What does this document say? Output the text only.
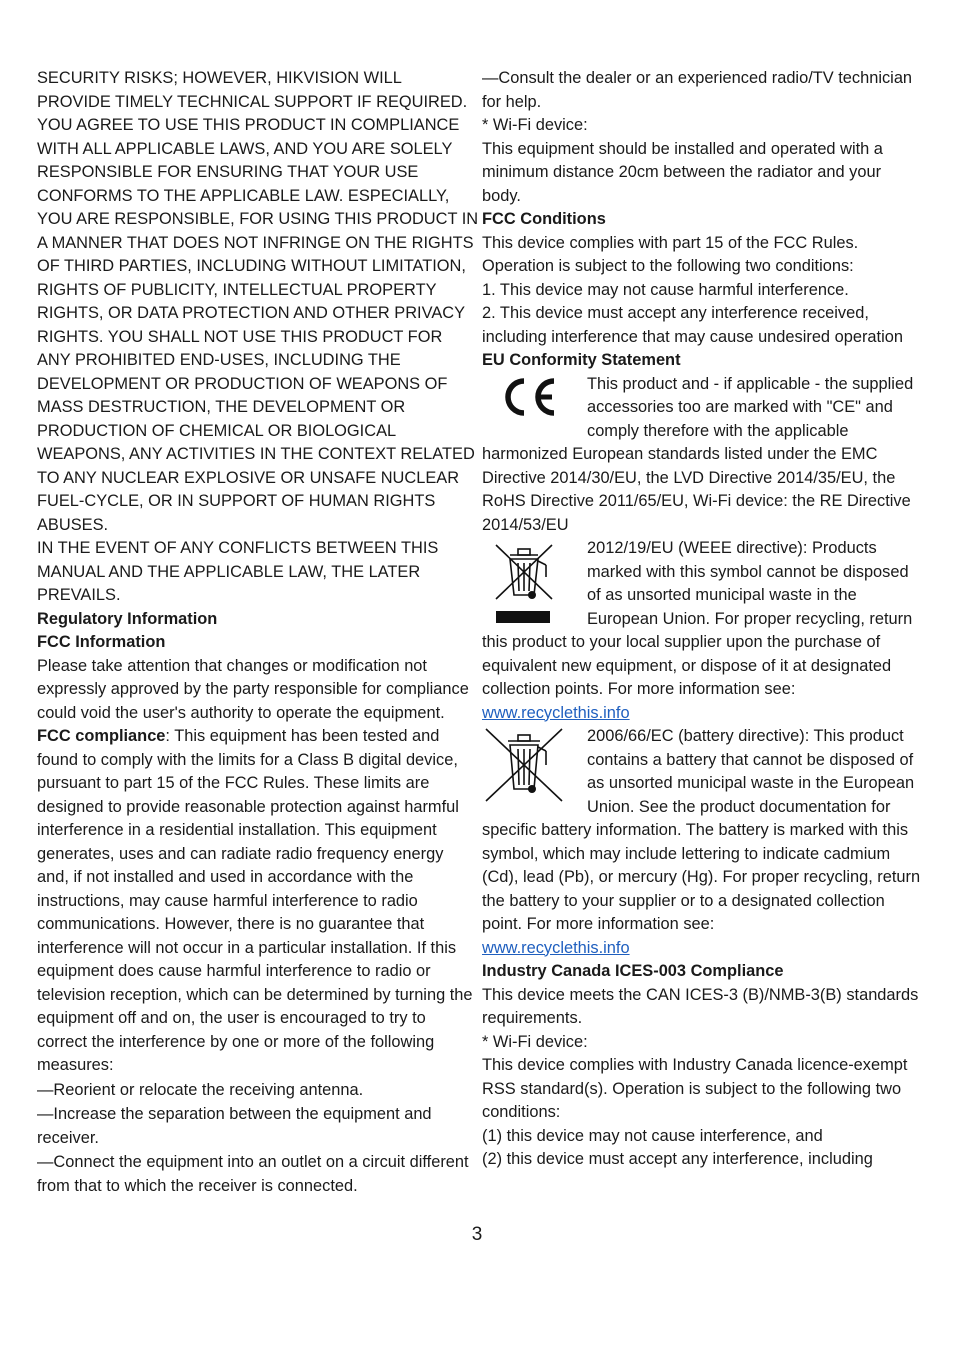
SECURITY RISKS; HOWEVER, HIKVISION WILL PROVIDE TIMELY TECHNICAL SUPPORT IF REQUIRED.

YOU AGREE TO USE THIS PRODUCT IN COMPLIANCE WITH ALL APPLICABLE LAWS, AND YOU ARE SOLELY RESPONSIBLE FOR ENSURING THAT YOUR USE CONFORMS TO THE APPLICABLE LAW. ESPECIALLY, YOU ARE RESPONSIBLE, FOR USING THIS PRODUCT IN A MANNER THAT DOES NOT INFRINGE ON THE RIGHTS OF THIRD PARTIES, INCLUDING WITHOUT LIMITATION, RIGHTS OF PUBLICITY, INTELLECTUAL PROPERTY RIGHTS, OR DATA PROTECTION AND OTHER PRIVACY RIGHTS. YOU SHALL NOT USE THIS PRODUCT FOR ANY PROHIBITED END-USES, INCLUDING THE DEVELOPMENT OR PRODUCTION OF WEAPONS OF MASS DESTRUCTION, THE DEVELOPMENT OR PRODUCTION OF CHEMICAL OR BIOLOGICAL WEAPONS, ANY ACTIVITIES IN THE CONTEXT RELATED TO ANY NUCLEAR EXPLOSIVE OR UNSAFE NUCLEAR FUEL-CYCLE, OR IN SUPPORT OF HUMAN RIGHTS ABUSES.

IN THE EVENT OF ANY CONFLICTS BETWEEN THIS MANUAL AND THE APPLICABLE LAW, THE LATER PREVAILS.

Regulatory Information

FCC Information

Please take attention that changes or modification not expressly approved by the party responsible for compliance could void the user's authority to operate the equipment.

FCC compliance: This equipment has been tested and found to comply with the limits for a Class B digital device, pursuant to part 15 of the FCC Rules. These limits are designed to provide reasonable protection against harmful interference in a residential installation. This equipment generates, uses and can radiate radio frequency energy and, if not installed and used in accordance with the instructions, may cause harmful interference to radio communications. However, there is no guarantee that interference will not occur in a particular installation. If this equipment does cause harmful interference to radio or television reception, which can be determined by turning the equipment off and on, the user is encouraged to try to correct the interference by one or more of the following measures:

—Reorient or relocate the receiving antenna.

—Increase the separation between the equipment and receiver.

—Connect the equipment into an outlet on a circuit different from that to which the receiver is connected.

—Consult the dealer or an experienced radio/TV technician for help.

* Wi-Fi device:

This equipment should be installed and operated with a minimum distance 20cm between the radiator and your body.

FCC Conditions

This device complies with part 15 of the FCC Rules. Operation is subject to the following two conditions:

1. This device may not cause harmful interference.

2. This device must accept any interference received, including interference that may cause undesired operation

EU Conformity Statement

This product and - if applicable - the supplied accessories too are marked with "CE" and comply therefore with the applicable harmonized European standards listed under the EMC Directive 2014/30/EU, the LVD Directive 2014/35/EU, the RoHS Directive 2011/65/EU, Wi-Fi device: the RE Directive 2014/53/EU

2012/19/EU (WEEE directive): Products marked with this symbol cannot be disposed of as unsorted municipal waste in the European Union. For proper recycling, return this product to your local supplier upon the purchase of equivalent new equipment, or dispose of it at designated collection points. For more information see: www.recyclethis.info

2006/66/EC (battery directive): This product contains a battery that cannot be disposed of as unsorted municipal waste in the European Union. See the product documentation for specific battery information. The battery is marked with this symbol, which may include lettering to indicate cadmium (Cd), lead (Pb), or mercury (Hg). For proper recycling, return the battery to your supplier or to a designated collection point. For more information see:

www.recyclethis.info

Industry Canada ICES-003 Compliance

This device meets the CAN ICES-3 (B)/NMB-3(B) standards requirements.

* Wi-Fi device:

This device complies with Industry Canada licence-exempt RSS standard(s). Operation is subject to the following two conditions:

(1) this device may not cause interference, and

(2) this device must accept any interference, including

3
